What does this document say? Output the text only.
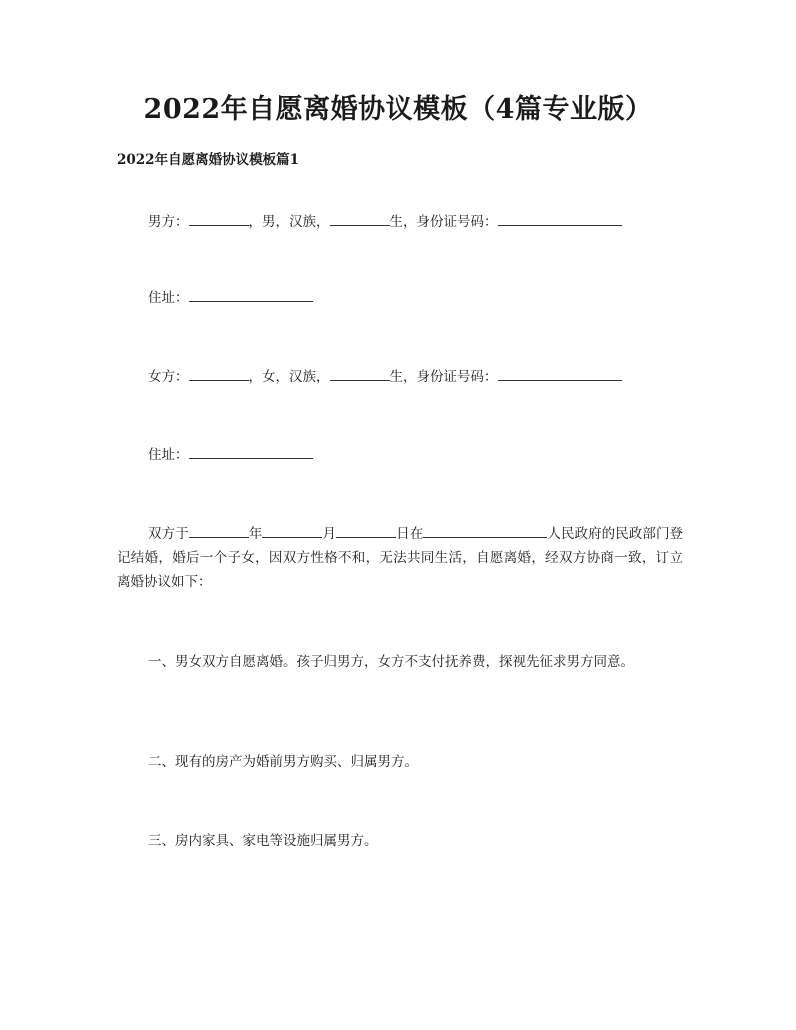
2022年自愿离婚协议模板（4篇专业版）
2022年自愿离婚协议模板篇1
男方：	，男，汉族，	生，身份证号码：
住址：
女方：	，女，汉族，	生，身份证号码：
住址：
双方于	年	月	日在	人民政府的民政部门登记结婚，婚后一个子女，因双方性格不和，无法共同生活，自愿离婚，经双方协商一致，订立离婚协议如下：
一、男女双方自愿离婚。孩子归男方，女方不支付抚养费，探视先征求男方同意。
二、现有的房产为婚前男方购买、归属男方。
三、房内家具、家电等设施归属男方。
